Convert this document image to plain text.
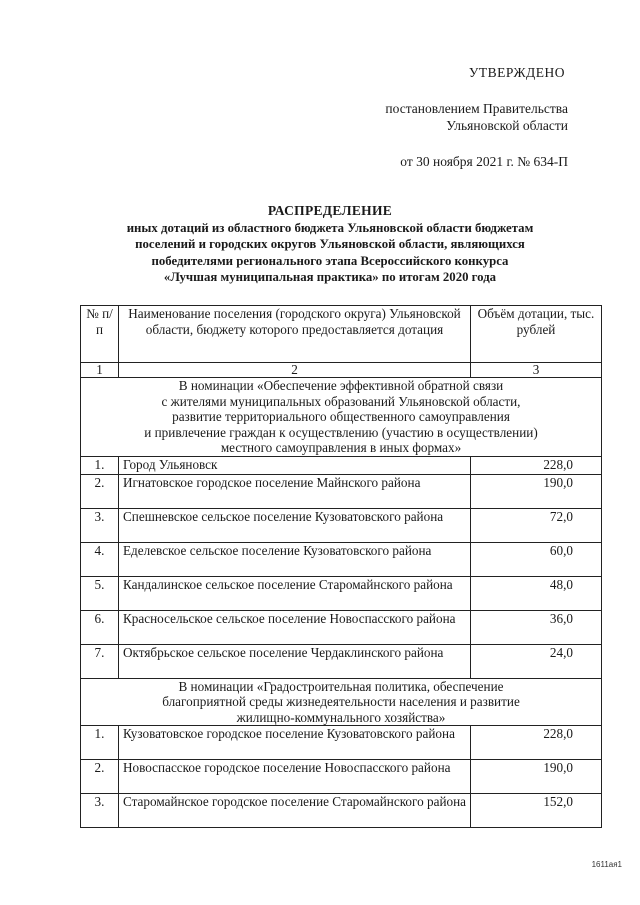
УТВЕРЖДЕНО
постановлением Правительства
Ульяновской области
от 30 ноября 2021 г. № 634-П
РАСПРЕДЕЛЕНИЕ
иных дотаций из областного бюджета Ульяновской области бюджетам
поселений и городских округов Ульяновской области, являющихся
победителями регионального этапа Всероссийского конкурса
«Лучшая муниципальная практика» по итогам 2020 года
№ п/п	Наименование поселения (городского округа) Ульяновской области, бюджету которого предоставляется дотация	Объём дотации, тыс. рублей
1	2	3

В номинации «Обеспечение эффективной обратной связи
с жителями муниципальных образований Ульяновской области,
развитие территориального общественного самоуправления
и привлечение граждан к осуществлению (участию в осуществлении)
местного самоуправления в иных формах»		

1.	Город Ульяновск	228,0
2.	Игнатовское городское поселение Майнского района	190,0
3.	Спешневское сельское поселение Кузоватовского района	72,0
4.	Еделевское сельское поселение Кузоватовского района	60,0
5.	Кандалинское сельское поселение Старомайнского района	48,0
6.	Красносельское сельское поселение Новоспасского района	36,0
7.	Октябрьское сельское поселение Чердаклинского района	24,0

В номинации «Градостроительная политика, обеспечение
благоприятной среды жизнедеятельности населения и развитие
жилищно-коммунального хозяйства»		

1.	Кузоватовское городское поселение Кузоватовского района	228,0
2.	Новоспасское городское поселение Новоспасского района	190,0
3.	Старомайнское городское поселение Старомайнского района	152,0
1611ая1
